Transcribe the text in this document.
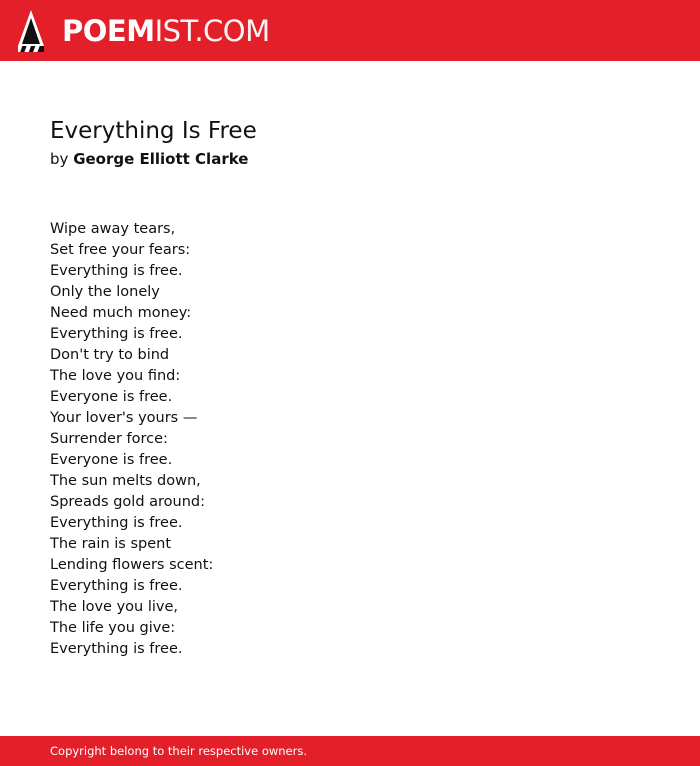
POEMIST.COM
Everything Is Free

by George Elliott Clarke

Wipe away tears,
Set free your fears:
Everything is free.
Only the lonely
Need much money:
Everything is free.
Don't try to bind
The love you find:
Everyone is free.
Your lover's yours —
Surrender force:
Everyone is free.
The sun melts down,
Spreads gold around:
Everything is free.
The rain is spent
Lending flowers scent:
Everything is free.
The love you live,
The life you give:
Everything is free.
Copyright belong to their respective owners.
